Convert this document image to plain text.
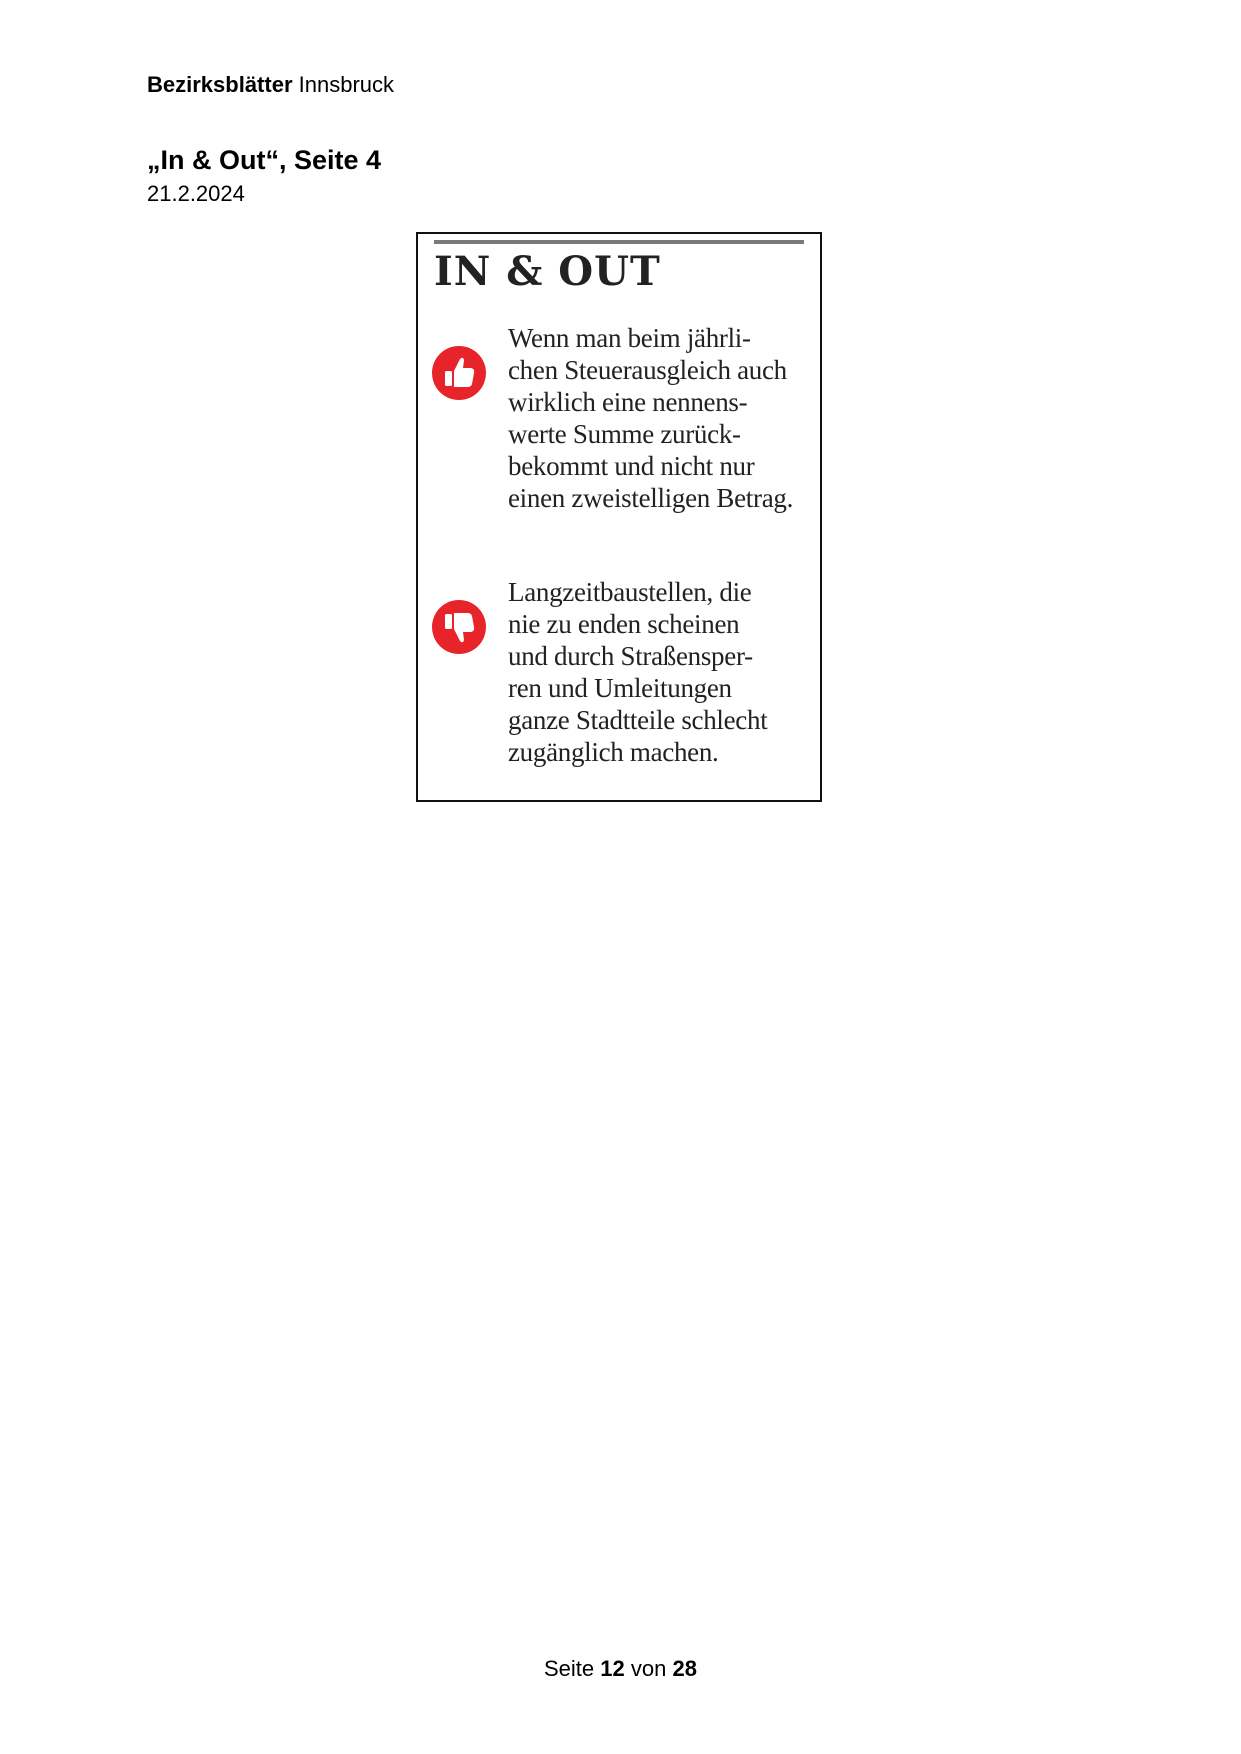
Bezirksblätter Innsbruck
„In & Out“, Seite 4
21.2.2024
IN & OUT

Wenn man beim jährli-
chen Steuerausgleich auch
wirklich eine nennens-
werte Summe zurück-
bekommt und nicht nur
einen zweistelligen Betrag.

Langzeitbaustellen, die
nie zu enden scheinen
und durch Straßensper-
ren und Umleitungen
ganze Stadtteile schlecht
zugänglich machen.

Seite 12 von 28
